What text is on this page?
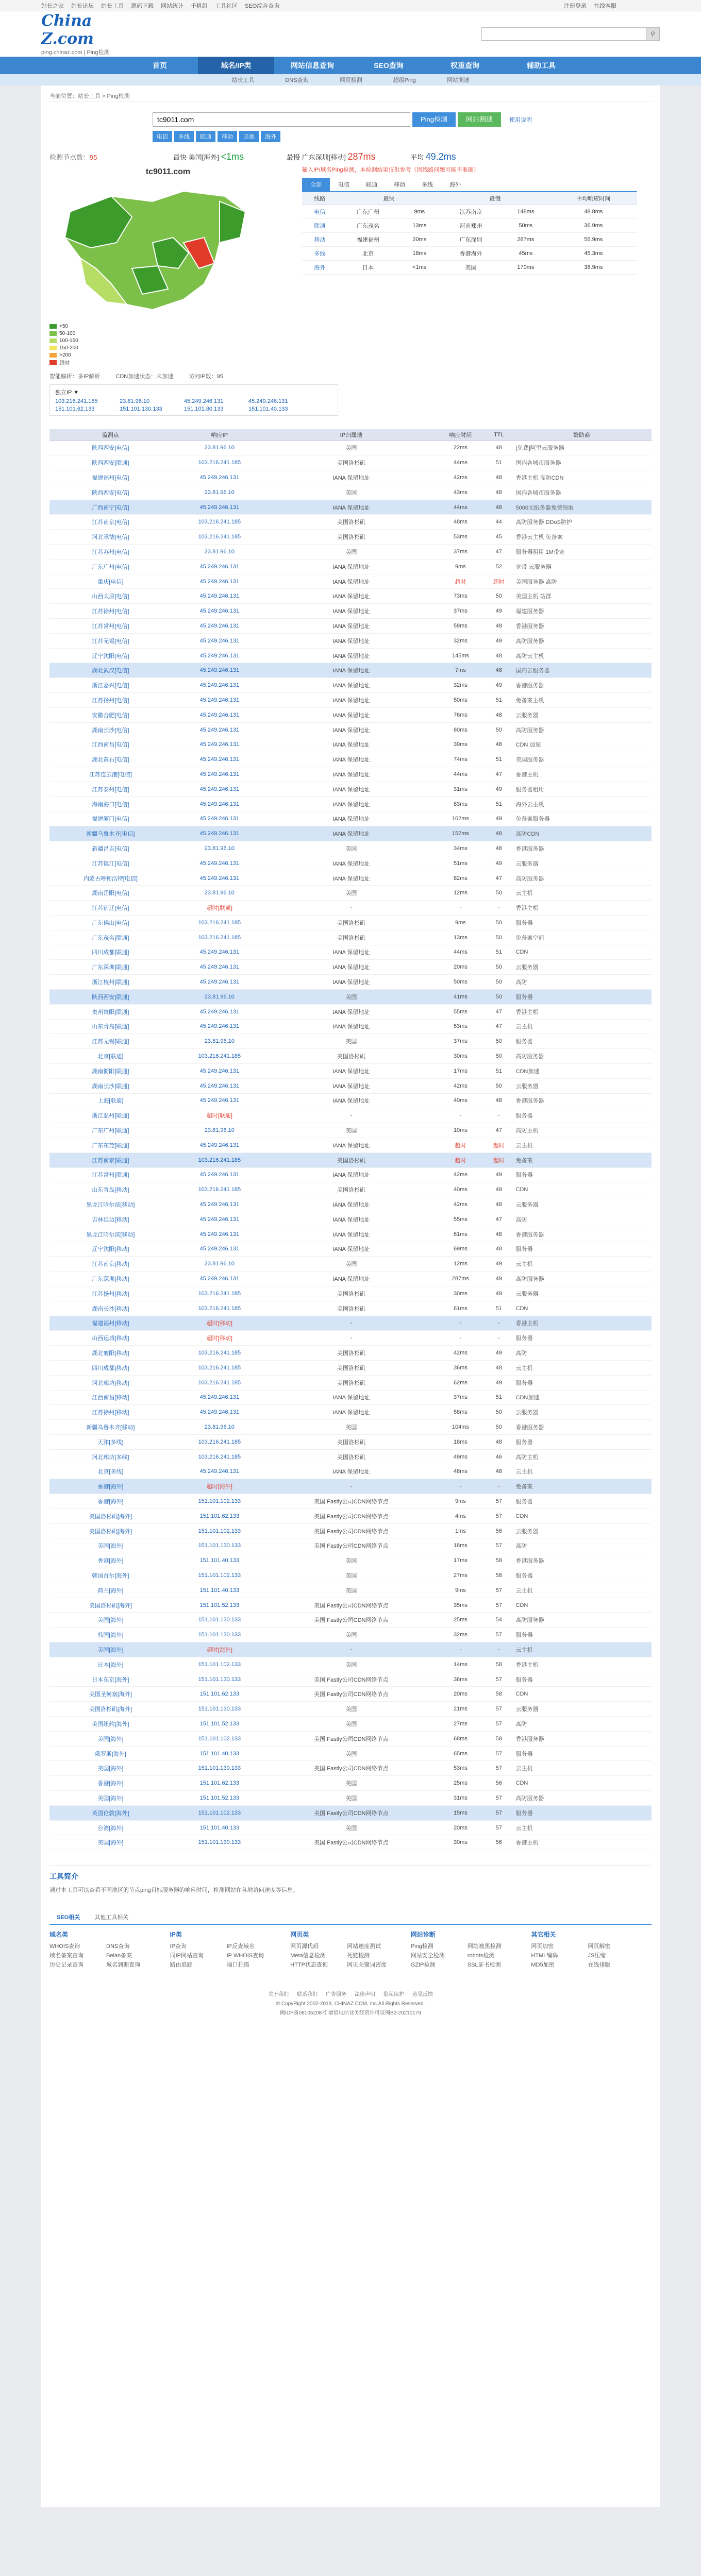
站长之家 站长论坛 站长工具 源码下载 网站统计 千帆组 工具社区 SEO综合查询	注册登录 在线客服
China Z.com
ping.chinaz.com | Ping检测
⚲
首页	域名/IP类	网站信息查询	SEO查询	权重查询	辅助工具
站长工具	DNS查询	网页检测	超级Ping	网站测速
当前位置：站长工具 > Ping检测
tc9011.com
Ping检测	网站测速	使用说明
电信	多线	联通	移动	其他	海外
检测节点数：95	最快 美国[海外] <1ms	最慢 广东深圳[移动] 287ms	平均 49.2ms
tc9011.com
<50
50-100
100-150
150-200
>200
超时
智能解析：多IP解析	CDN加速状态：未加速	访问IP数：95
独立IP ▼
103.216.241.185	23.81.96.10	45.249.246.131	45.249.246.131
151.101.62.133	151.101.130.133	151.101.80.133	151.101.40.133
输入IP/域名Ping检测，本检测结果仅供参考（因线路问题可能不准确）
全部	电信	联通	移动	多线	海外
线路	最快		最慢		平均响应时间
电信	广东广州	9ms	江苏南京	148ms	48.8ms
联通	广东茂名	13ms	河南郑州	50ms	36.9ms
移动	福建福州	20ms	广东深圳	287ms	56.9ms
多线	北京	18ms	香港海外	45ms	45.3ms
海外	日本	<1ms	美国	170ms	38.9ms
监测点	响应IP	IP归属地	响应时间	TTL	赞助商
陕西西安[电信]	23.81.96.10	美国	22ms	48	[免费]阿里云服务器
陕西西安[联通]	103.216.241.185	美国洛杉矶	44ms	51	国内各城市服务器
福建福州[电信]	45.249.246.131	IANA 保留地址	42ms	48	香港主机 高防CDN
陕西西安[电信]	23.81.96.10	美国	43ms	48	国内各城市服务器
广西南宁[电信]	45.249.246.131	IANA 保留地址	44ms	48	5000元服务器免费领取
江苏南京[电信]	103.216.241.185	美国洛杉矶	48ms	44	高防服务器 DDoS防护
河北承德[电信]	103.216.241.185	美国洛杉矶	53ms	45	香港云主机 免备案
江苏苏州[电信]	23.81.96.10	美国	37ms	47	服务器租用 1M带宽
广东广州[电信]	45.249.246.131	IANA 保留地址	9ms	52	宽带 云服务器
重庆[电信]	45.249.246.131	IANA 保留地址	超时	超时	美国服务器 高防
山西太原[电信]	45.249.246.131	IANA 保留地址	73ms	50	美国主机 站群
江苏徐州[电信]	45.249.246.131	IANA 保留地址	37ms	49	福建服务器
江苏常州[电信]	45.249.246.131	IANA 保留地址	59ms	48	香港服务器
江苏无锡[电信]	45.249.246.131	IANA 保留地址	32ms	49	高防服务器
辽宁沈阳[电信]	45.249.246.131	IANA 保留地址	145ms	48	高防云主机
湖北武汉[电信]	45.249.246.131	IANA 保留地址	7ms	48	国内云服务器
浙江嘉兴[电信]	45.249.246.131	IANA 保留地址	32ms	49	香港服务器
江苏扬州[电信]	45.249.246.131	IANA 保留地址	50ms	51	免备案主机
安徽合肥[电信]	45.249.246.131	IANA 保留地址	76ms	48	云服务器
湖南长沙[电信]	45.249.246.131	IANA 保留地址	60ms	50	高防服务器
江西南昌[电信]	45.249.246.131	IANA 保留地址	39ms	48	CDN 加速
湖北黄石[电信]	45.249.246.131	IANA 保留地址	74ms	51	美国服务器
江苏连云港[电信]	45.249.246.131	IANA 保留地址	44ms	47	香港主机
江苏泰州[电信]	45.249.246.131	IANA 保留地址	31ms	49	服务器租用
海南海口[电信]	45.249.246.131	IANA 保留地址	83ms	51	海外云主机
福建厦门[电信]	45.249.246.131	IANA 保留地址	102ms	49	免备案服务器
新疆乌鲁木齐[电信]	45.249.246.131	IANA 保留地址	152ms	48	高防CDN
新疆昌吉[电信]	23.81.96.10	美国	34ms	48	香港服务器
江苏镇江[电信]	45.249.246.131	IANA 保留地址	51ms	49	云服务器
内蒙古呼和浩特[电信]	45.249.246.131	IANA 保留地址	82ms	47	高防服务器
湖南岳阳[电信]	23.81.96.10	美国	12ms	50	云主机
江苏宿迁[电信]	超时[联通]	-	-	-	香港主机
广东佛山[电信]	103.216.241.185	美国洛杉矶	9ms	50	服务器
广东茂名[联通]	103.216.241.185	美国洛杉矶	13ms	50	免备案空间
四川成都[联通]	45.249.246.131	IANA 保留地址	44ms	51	CDN
广东深圳[联通]	45.249.246.131	IANA 保留地址	20ms	50	云服务器
浙江杭州[联通]	45.249.246.131	IANA 保留地址	50ms	50	高防
陕西西安[联通]	23.81.96.10	美国	41ms	50	服务器
贵州贵阳[联通]	45.249.246.131	IANA 保留地址	55ms	47	香港主机
山东青岛[联通]	45.249.246.131	IANA 保留地址	53ms	47	云主机
江苏无锡[联通]	23.81.96.10	美国	37ms	50	服务器
北京[联通]	103.216.241.185	美国洛杉矶	30ms	50	高防服务器
湖南衡阳[联通]	45.249.246.131	IANA 保留地址	17ms	51	CDN加速
湖南长沙[联通]	45.249.246.131	IANA 保留地址	42ms	50	云服务器
上海[联通]	45.249.246.131	IANA 保留地址	40ms	48	香港服务器
浙江温州[联通]	超时[联通]	-	-	-	服务器
广东广州[联通]	23.81.96.10	美国	10ms	47	高防主机
广东东莞[联通]	45.249.246.131	IANA 保留地址	超时	超时	云主机
江苏南京[联通]	103.216.241.185	美国洛杉矶	超时	超时	免备案
江苏常州[联通]	45.249.246.131	IANA 保留地址	42ms	49	服务器
山东青岛[移动]	103.216.241.185	美国洛杉矶	40ms	49	CDN
黑龙江哈尔滨[移动]	45.249.246.131	IANA 保留地址	42ms	48	云服务器
吉林延边[移动]	45.249.246.131	IANA 保留地址	55ms	47	高防
黑龙江哈尔滨[移动]	45.249.246.131	IANA 保留地址	61ms	48	香港服务器
辽宁沈阳[移动]	45.249.246.131	IANA 保留地址	69ms	48	服务器
江苏南京[移动]	23.81.96.10	美国	12ms	49	云主机
广东深圳[移动]	45.249.246.131	IANA 保留地址	287ms	49	高防服务器
江苏扬州[移动]	103.216.241.185	美国洛杉矶	30ms	49	云服务器
湖南长沙[移动]	103.216.241.185	美国洛杉矶	61ms	51	CDN
福建福州[移动]	超时[移动]	-	-	-	香港主机
山西运城[移动]	超时[移动]	-	-	-	服务器
湖北襄阳[移动]	103.216.241.185	美国洛杉矶	42ms	49	高防
四川成都[移动]	103.216.241.185	美国洛杉矶	36ms	48	云主机
河北廊坊[移动]	103.216.241.185	美国洛杉矶	62ms	49	服务器
江西南昌[移动]	45.249.246.131	IANA 保留地址	37ms	51	CDN加速
江苏徐州[移动]	45.249.246.131	IANA 保留地址	58ms	50	云服务器
新疆乌鲁木齐[移动]	23.81.96.10	美国	104ms	50	香港服务器
天津[多线]	103.216.241.185	美国洛杉矶	18ms	48	服务器
河北廊坊[多线]	103.216.241.185	美国洛杉矶	49ms	46	高防主机
北京[多线]	45.249.246.131	IANA 保留地址	48ms	48	云主机
香港[海外]	超时[海外]	-	-	-	免备案
香港[海外]	151.101.102.133	美国 Fastly公司CDN网络节点	9ms	57	服务器
美国洛杉矶[海外]	151.101.62.133	美国 Fastly公司CDN网络节点	4ms	57	CDN
美国洛杉矶[海外]	151.101.102.133	美国 Fastly公司CDN网络节点	1ms	56	云服务器
美国[海外]	151.101.130.133	美国 Fastly公司CDN网络节点	18ms	57	高防
香港[海外]	151.101.40.133	美国	17ms	58	香港服务器
韩国首尔[海外]	151.101.102.133	美国	27ms	58	服务器
荷兰[海外]	151.101.40.133	美国	9ms	57	云主机
美国洛杉矶[海外]	151.101.52.133	美国 Fastly公司CDN网络节点	35ms	57	CDN
美国[海外]	151.101.130.133	美国 Fastly公司CDN网络节点	25ms	54	高防服务器
韩国[海外]	151.101.130.133	美国	32ms	57	服务器
美国[海外]	超时[海外]	-	-	-	云主机
日本[海外]	151.101.102.133	美国	14ms	58	香港主机
日本东京[海外]	151.101.130.133	美国 Fastly公司CDN网络节点	36ms	57	服务器
美国圣何塞[海外]	151.101.62.133	美国 Fastly公司CDN网络节点	20ms	58	CDN
美国洛杉矶[海外]	151.101.130.133	美国	21ms	57	云服务器
美国纽约[海外]	151.101.52.133	美国	27ms	57	高防
美国[海外]	151.101.102.133	美国 Fastly公司CDN网络节点	68ms	58	香港服务器
俄罗斯[海外]	151.101.40.133	美国	65ms	57	服务器
美国[海外]	151.101.130.133	美国 Fastly公司CDN网络节点	53ms	57	云主机
香港[海外]	151.101.62.133	美国	25ms	56	CDN
美国[海外]	151.101.52.133	美国	31ms	57	高防服务器
英国伦敦[海外]	151.101.102.133	美国 Fastly公司CDN网络节点	15ms	57	服务器
台湾[海外]	151.101.40.133	美国	20ms	57	云主机
美国[海外]	151.101.130.133	美国 Fastly公司CDN网络节点	30ms	56	香港主机
工具简介

通过本工具可以查看不同地区的节点ping目标服务器的响应时间，检测网站在各地访问速度等信息。

SEO相关	其他工具相关
域名类

WHOIS查询	DNS查询
域名备案查询	Beian备案
历史记录查询	域名到期查询

IP类

IP查询	IP反查域名
同IP网站查询	IP WHOIS查询
路由追踪	端口扫描

网页类

网页源代码	网站速度测试
Meta信息检测	死链检测
HTTP状态查询	网页关键词密度

网站诊断

Ping检测	网站被黑检测
网站安全检测	robots检测
GZIP检测	SSL证书检测

其它相关

网页加密	网页解密
HTML编码	JS压缩
MD5加密	在线排版

关于我们 联系我们 广告服务 法律声明 隐私保护 意见反馈
© CopyRight 2002-2019, CHINAZ.COM, Inc.All Rights Reserved.
闽ICP备08105208号 增值电信业务经营许可证闽B2-20210179
